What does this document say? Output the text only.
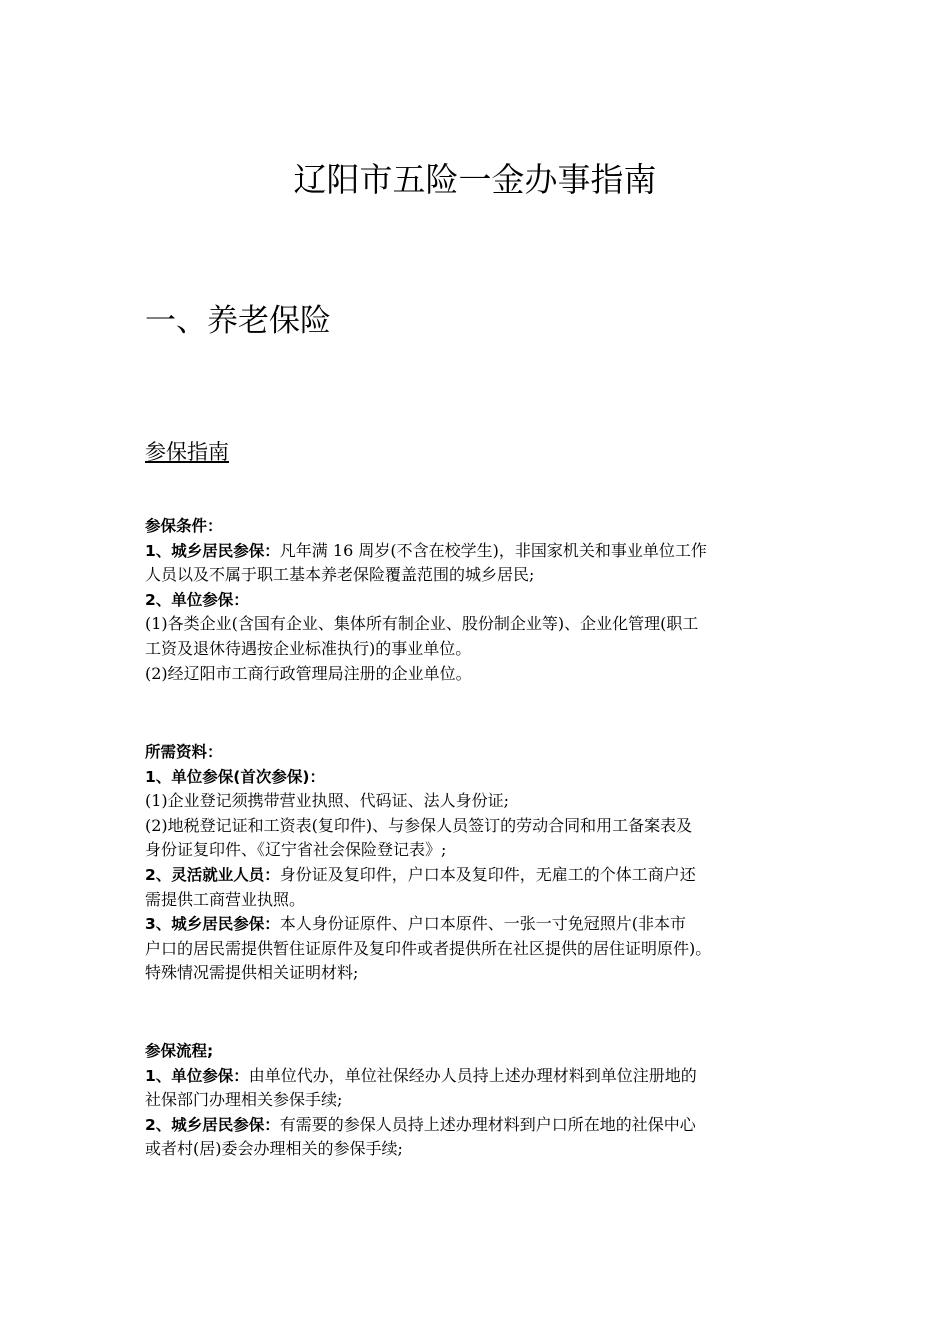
辽阳市五险一金办事指南
一、养老保险
参保指南
参保条件：
1、城乡居民参保：凡年满 16 周岁(不含在校学生)，非国家机关和事业单位工作
人员以及不属于职工基本养老保险覆盖范围的城乡居民;
2、单位参保：
(1)各类企业(含国有企业、集体所有制企业、股份制企业等)、企业化管理(职工
工资及退休待遇按企业标准执行)的事业单位。
(2)经辽阳市工商行政管理局注册的企业单位。
所需资料：
1、单位参保(首次参保)：
(1)企业登记须携带营业执照、代码证、法人身份证;
(2)地税登记证和工资表(复印件)、与参保人员签订的劳动合同和用工备案表及
身份证复印件、《辽宁省社会保险登记表》;
2、灵活就业人员：身份证及复印件，户口本及复印件，无雇工的个体工商户还
需提供工商营业执照。
3、城乡居民参保：本人身份证原件、户口本原件、一张一寸免冠照片(非本市
户口的居民需提供暂住证原件及复印件或者提供所在社区提供的居住证明原件)。
特殊情况需提供相关证明材料;
参保流程;
1、单位参保：由单位代办，单位社保经办人员持上述办理材料到单位注册地的
社保部门办理相关参保手续;
2、城乡居民参保：有需要的参保人员持上述办理材料到户口所在地的社保中心
或者村(居)委会办理相关的参保手续;
